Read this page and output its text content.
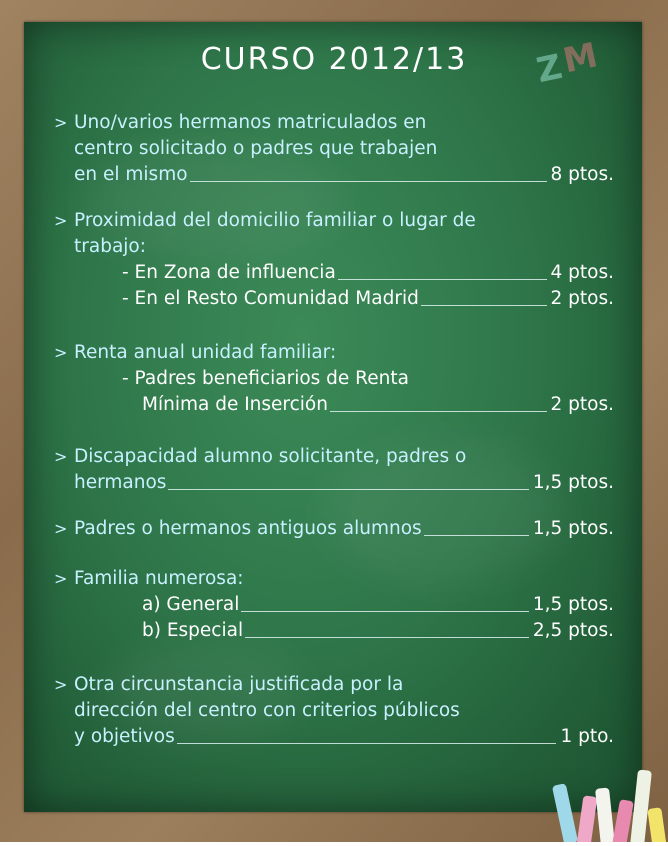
CURSO 2012/13	Z
M
> Uno/varios hermanos matriculados en
centro solicitado o padres que trabajen
en el mismo	8 ptos.
> Proximidad del domicilio familiar o lugar de
trabajo:
- En Zona de influencia	4 ptos.
- En el Resto Comunidad Madrid	2 ptos.
> Renta anual unidad familiar:
- Padres beneficiarios de Renta
Mínima de Inserción	2 ptos.
> Discapacidad alumno solicitante, padres o
hermanos	1,5 ptos.
> Padres o hermanos antiguos alumnos	1,5 ptos.
> Familia numerosa:
a) General	1,5 ptos.
b) Especial	2,5 ptos.
> Otra circunstancia justificada por la
dirección del centro con criterios públicos
y objetivos	1 pto.
